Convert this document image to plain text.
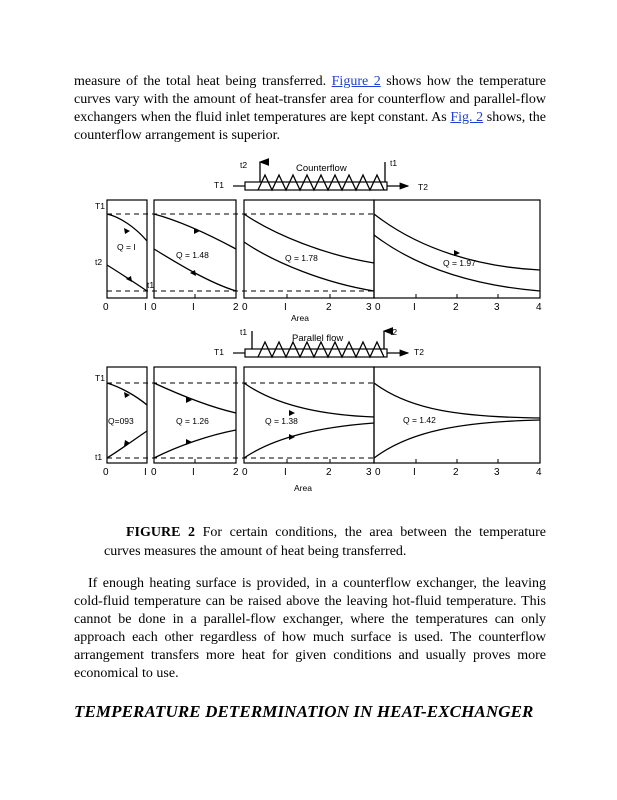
measure of the total heat being transferred. Figure 2 shows how the temperature curves vary with the amount of heat-transfer area for counterflow and parallel-flow exchangers when the fluid inlet temperatures are kept constant. As Fig. 2 shows, the counterflow arrangement is superior.
t2	t1
T1	T2
Counterflow
T1
t2
t1
Q = I
Q = 1.48	Q = 1.78	Q = 1.97
0	I 0	I	2 0	I	2	3 0	I	2	3	4
Area
t1	t2
T1	T2
Parallel flow
T1
t1
Q=093	Q = 1.26	Q = 1.38	Q = 1.42
0	I 0	I	2 0	I	2	3 0	I	2	3	4
Area
FIGURE 2 For certain conditions, the area between the temperature curves measures the amount of heat being transferred.
If enough heating surface is provided, in a counterflow exchanger, the leaving cold-fluid temperature can be raised above the leaving hot-fluid temperature. This cannot be done in a parallel-flow exchanger, where the temperatures can only approach each other regardless of how much surface is used. The counterflow arrangement transfers more heat for given conditions and usually proves more economical to use.
TEMPERATURE DETERMINATION IN HEAT-EXCHANGER
